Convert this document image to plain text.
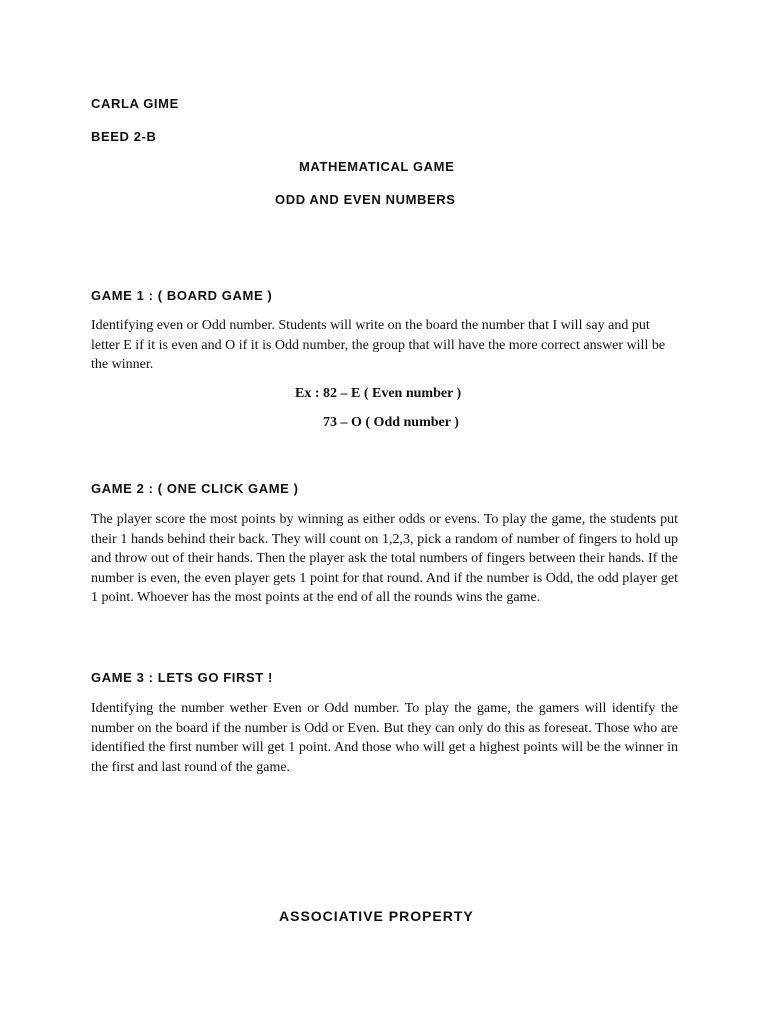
CARLA GIME
BEED 2-B
MATHEMATICAL GAME
ODD AND EVEN NUMBERS
GAME 1 : ( BOARD GAME )
Identifying even or Odd number. Students will write on the board the number that I will say and put letter E if it is even and O if it is Odd number, the group that will have the more correct answer will be the winner.
Ex : 82 – E ( Even number )
73 – O ( Odd number )
GAME 2 : ( ONE CLICK GAME )
The player score the most points by winning as either odds or evens. To play the game, the students put their 1 hands behind their back. They will count on 1,2,3, pick a random of number of fingers to hold up and throw out of their hands. Then the player ask the total numbers of fingers between their hands. If the number is even, the even player gets 1 point for that round. And if the number is Odd, the odd player get 1 point. Whoever has the most points at the end of all the rounds wins the game.
GAME 3 : LETS GO FIRST !
Identifying the number wether Even or Odd number. To play the game, the gamers will identify the number on the board if the number is Odd or Even. But they can only do this as foreseat. Those who are identified the first number will get 1 point. And those who will get a highest points will be the winner in the first and last round of the game.
ASSOCIATIVE PROPERTY
